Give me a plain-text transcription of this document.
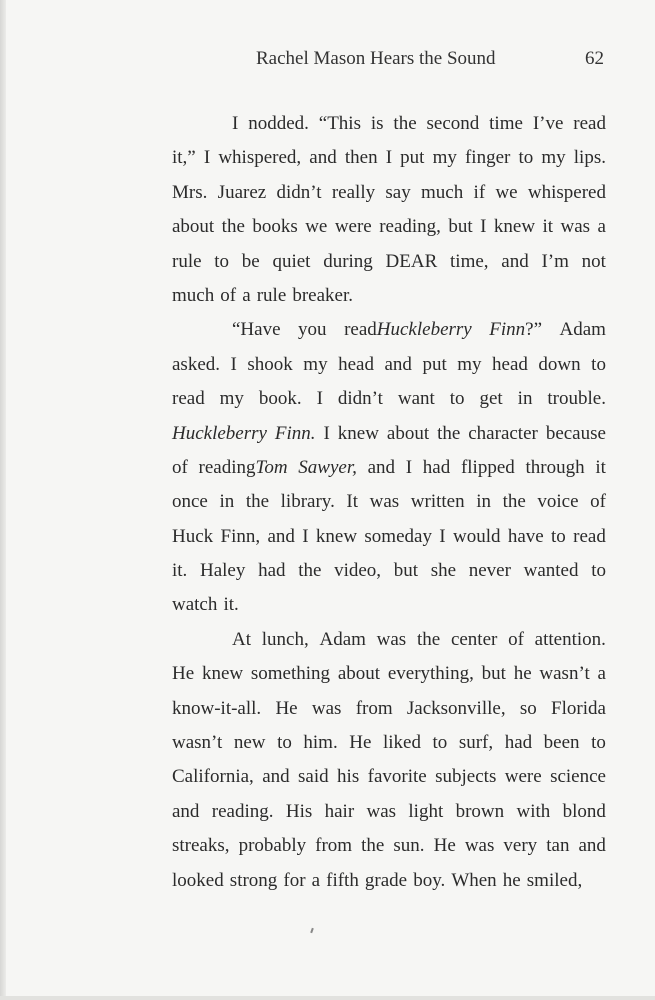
Rachel Mason Hears the Sound	62
I nodded. “This is the second time I’ve read
it,” I whispered, and then I put my finger to my lips.
Mrs. Juarez didn’t really say much if we whispered
about the books we were reading, but I knew it was a
rule to be quiet during DEAR time, and I’m not
much of a rule breaker.
“Have you readHuckleberry Finn?” Adam
asked. I shook my head and put my head down to
read my book. I didn’t want to get in trouble.
Huckleberry Finn. I knew about the character because
of readingTom Sawyer, and I had flipped through it
once in the library. It was written in the voice of
Huck Finn, and I knew someday I would have to read
it. Haley had the video, but she never wanted to
watch it.
At lunch, Adam was the center of attention.
He knew something about everything, but he wasn’t a
know-it-all. He was from Jacksonville, so Florida
wasn’t new to him. He liked to surf, had been to
California, and said his favorite subjects were science
and reading. His hair was light brown with blond
streaks, probably from the sun. He was very tan and
looked strong for a fifth grade boy. When he smiled,
